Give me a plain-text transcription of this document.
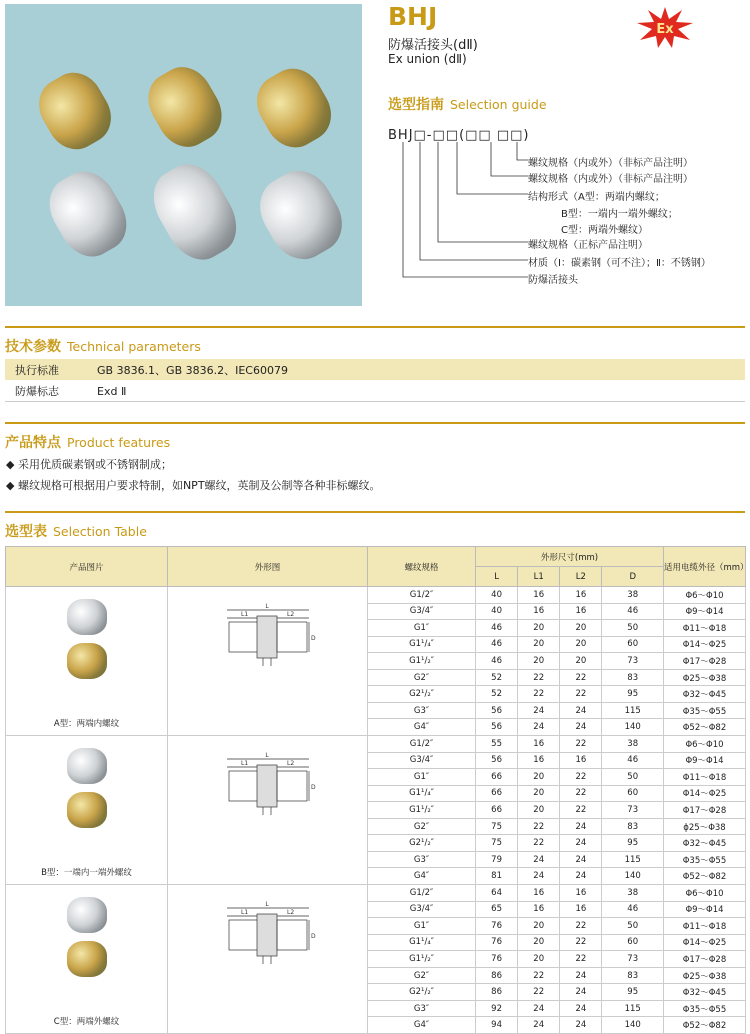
BHJ
防爆活接头(dⅡ)
Ex union (dⅡ)
Ex
选型指南 Selection guide
BHJ□-□□(□□ □□)
螺纹规格（内或外）（非标产品注明）
螺纹规格（内或外）（非标产品注明）
结构形式（A型：两端内螺纹；
B型：一端内一端外螺纹；
C型：两端外螺纹）
螺纹规格（正标产品注明）
材质（Ⅰ：碳素钢（可不注）；Ⅱ：不锈钢）
防爆活接头
技术参数 Technical parameters
执行标准	GB 3836.1、GB 3836.2、IEC60079
防爆标志	Exd Ⅱ
产品特点 Product features
◆ 采用优质碳素钢或不锈钢制成；
◆ 螺纹规格可根据用户要求特制，如NPT螺纹，英制及公制等各种非标螺纹。
选型表 Selection Table
产品图片	外形图	螺纹规格	外形尺寸(mm)				适用电缆外径（mm）
			L	L1	L2	D	

A型：两端内螺纹	L
L1 L2
D	G1/2″	40	16	16	38	Φ6～Φ10
		G3/4″	40	16	16	46	Φ9～Φ14
		G1″	46	20	20	50	Φ11～Φ18
		G1¹/₄″	46	20	20	60	Φ14～Φ25
		G1¹/₂″	46	20	20	73	Φ17～Φ28
		G2″	52	22	22	83	Φ25～Φ38
		G2¹/₂″	52	22	22	95	Φ32～Φ45
		G3″	56	24	24	115	Φ35～Φ55
		G4″	56	24	24	140	Φ52～Φ82

B型：一端内一端外螺纹	L
L1 L2
D	G1/2″	55	16	22	38	Φ6～Φ10
		G3/4″	56	16	16	46	Φ9～Φ14
		G1″	66	20	22	50	Φ11～Φ18
		G1¹/₄″	66	20	22	60	Φ14～Φ25
		G1¹/₂″	66	20	22	73	Φ17～Φ28
		G2″	75	22	24	83	ϕ25～Φ38
		G2¹/₂″	75	22	24	95	Φ32～Φ45
		G3″	79	24	24	115	Φ35～Φ55
		G4″	81	24	24	140	Φ52～Φ82

C型：两端外螺纹	L
L1 L2
D	G1/2″	64	16	16	38	Φ6～Φ10
		G3/4″	65	16	16	46	Φ9～Φ14
		G1″	76	20	22	50	Φ11～Φ18
		G1¹/₄″	76	20	22	60	Φ14～Φ25
		G1¹/₂″	76	20	22	73	Φ17～Φ28
		G2″	86	22	24	83	Φ25～Φ38
		G2¹/₂″	86	22	24	95	Φ32～Φ45
		G3″	92	24	24	115	Φ35～Φ55
		G4″	94	24	24	140	Φ52～Φ82
